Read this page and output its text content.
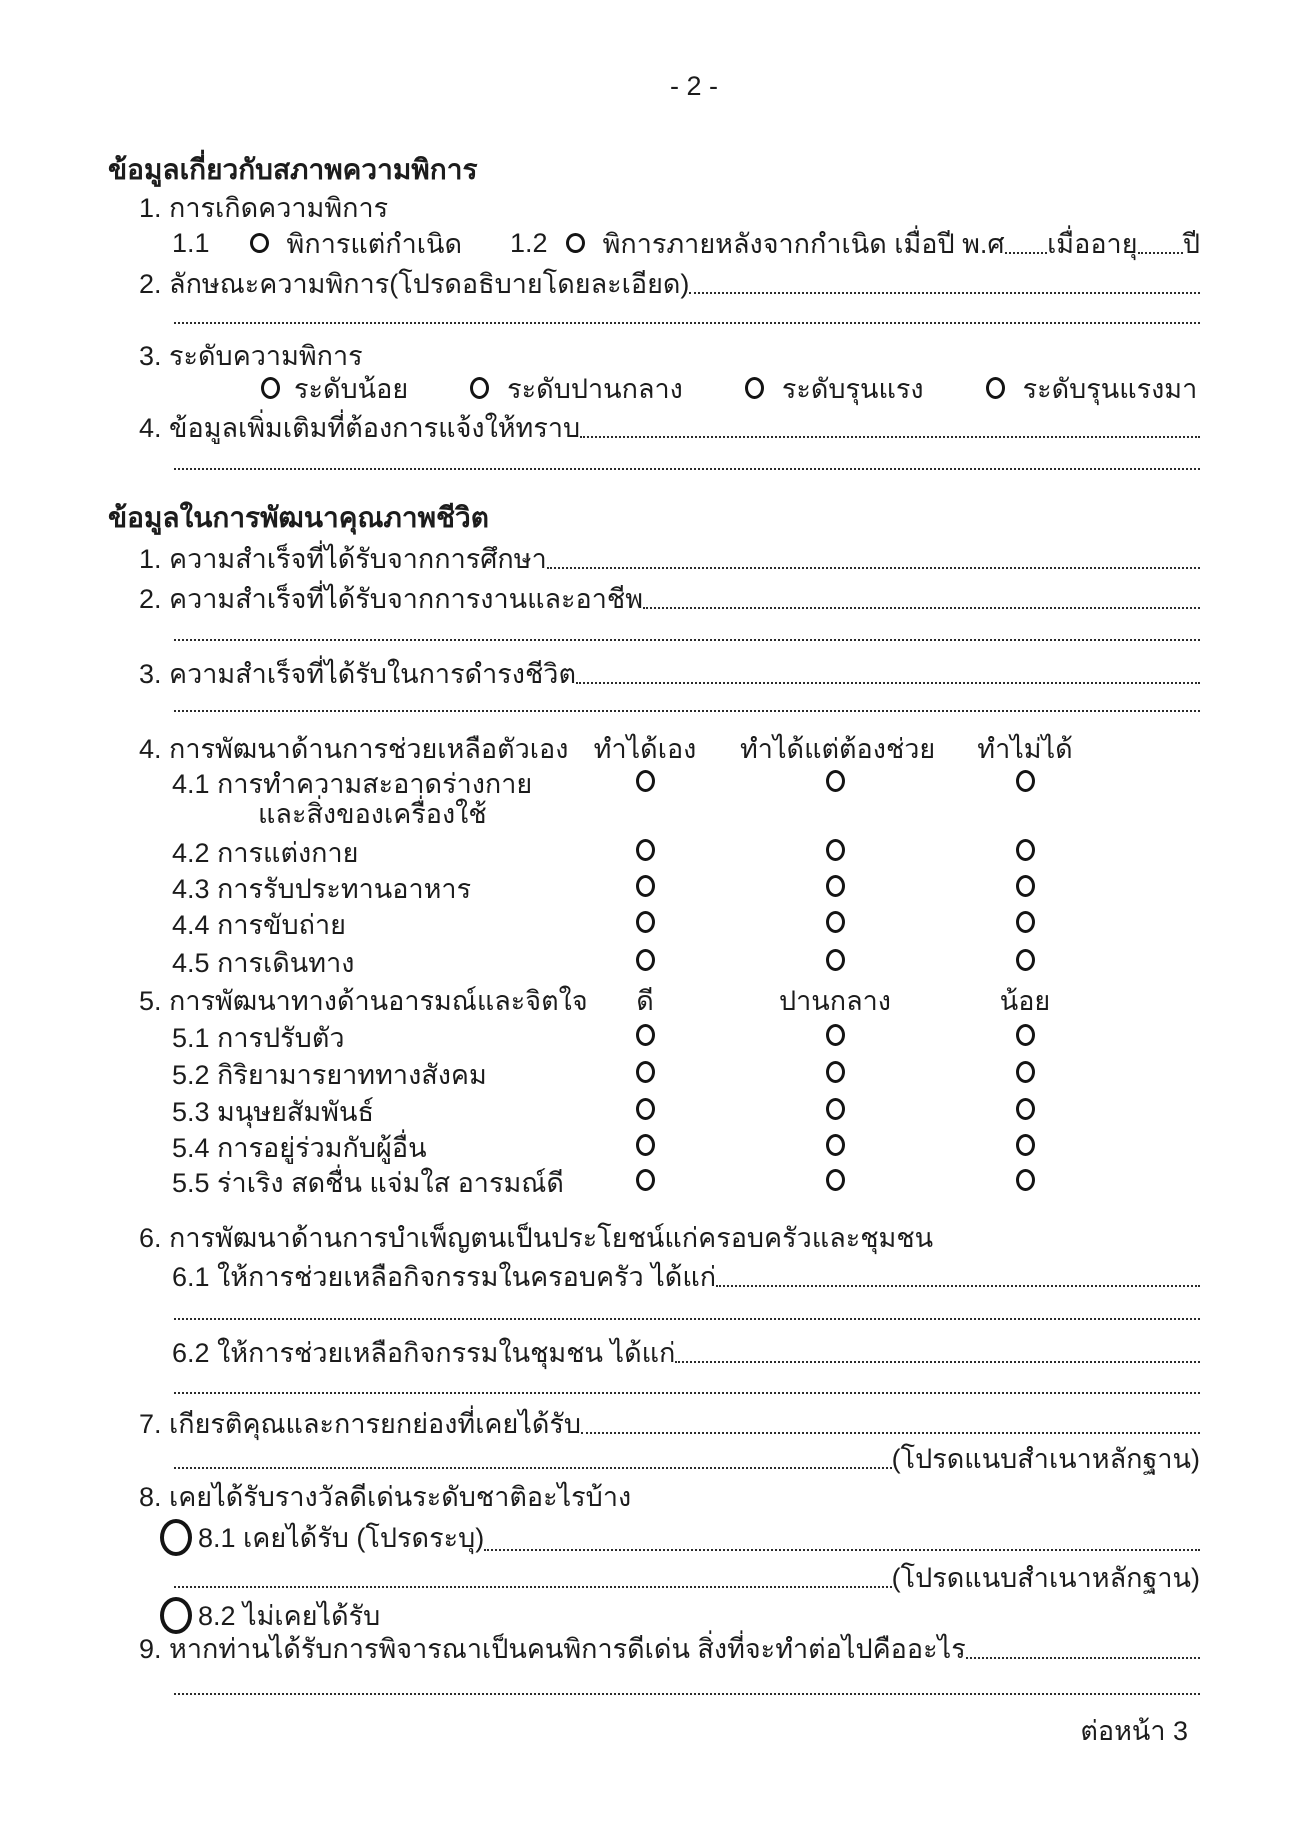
- 2 -
ข้อมูลเกี่ยวกับสภาพความพิการ
1. การเกิดความพิการ
1.1	พิการแต่กำเนิด 1.2 พิการภายหลังจากกำเนิด เมื่อปี พ.ศ เมื่ออายุ ปี
2. ลักษณะความพิการ(โปรดอธิบายโดยละเอียด)
3. ระดับความพิการ
ระดับน้อย	ระดับปานกลาง	ระดับรุนแรง	ระดับรุนแรงมา
4. ข้อมูลเพิ่มเติมที่ต้องการแจ้งให้ทราบ
ข้อมูลในการพัฒนาคุณภาพชีวิต
1. ความสำเร็จที่ได้รับจากการศึกษา
2. ความสำเร็จที่ได้รับจากการงานและอาชีพ
3. ความสำเร็จที่ได้รับในการดำรงชีวิต
4. การพัฒนาด้านการช่วยเหลือตัวเอง ทำได้เอง	ทำได้แต่ต้องช่วย	ทำไม่ได้
4.1 การทำความสะอาดร่างกาย
และสิ่งของเครื่องใช้
4.2 การแต่งกาย
4.3 การรับประทานอาหาร
4.4 การขับถ่าย
4.5 การเดินทาง
5. การพัฒนาทางด้านอารมณ์และจิตใจ	ดี	ปานกลาง	น้อย
5.1 การปรับตัว
5.2 กิริยามารยาททางสังคม
5.3 มนุษยสัมพันธ์
5.4 การอยู่ร่วมกับผู้อื่น
5.5 ร่าเริง สดชื่น แจ่มใส อารมณ์ดี
6. การพัฒนาด้านการบำเพ็ญตนเป็นประโยชน์แก่ครอบครัวและชุมชน
6.1 ให้การช่วยเหลือกิจกรรมในครอบครัว ได้แก่
6.2 ให้การช่วยเหลือกิจกรรมในชุมชน ได้แก่
7. เกียรติคุณและการยกย่องที่เคยได้รับ
(โปรดแนบสำเนาหลักฐาน)
8. เคยได้รับรางวัลดีเด่นระดับชาติอะไรบ้าง
8.1 เคยได้รับ (โปรดระบุ)
(โปรดแนบสำเนาหลักฐาน)
8.2 ไม่เคยได้รับ
9. หากท่านได้รับการพิจารณาเป็นคนพิการดีเด่น สิ่งที่จะทำต่อไปคืออะไร
ต่อหน้า 3
